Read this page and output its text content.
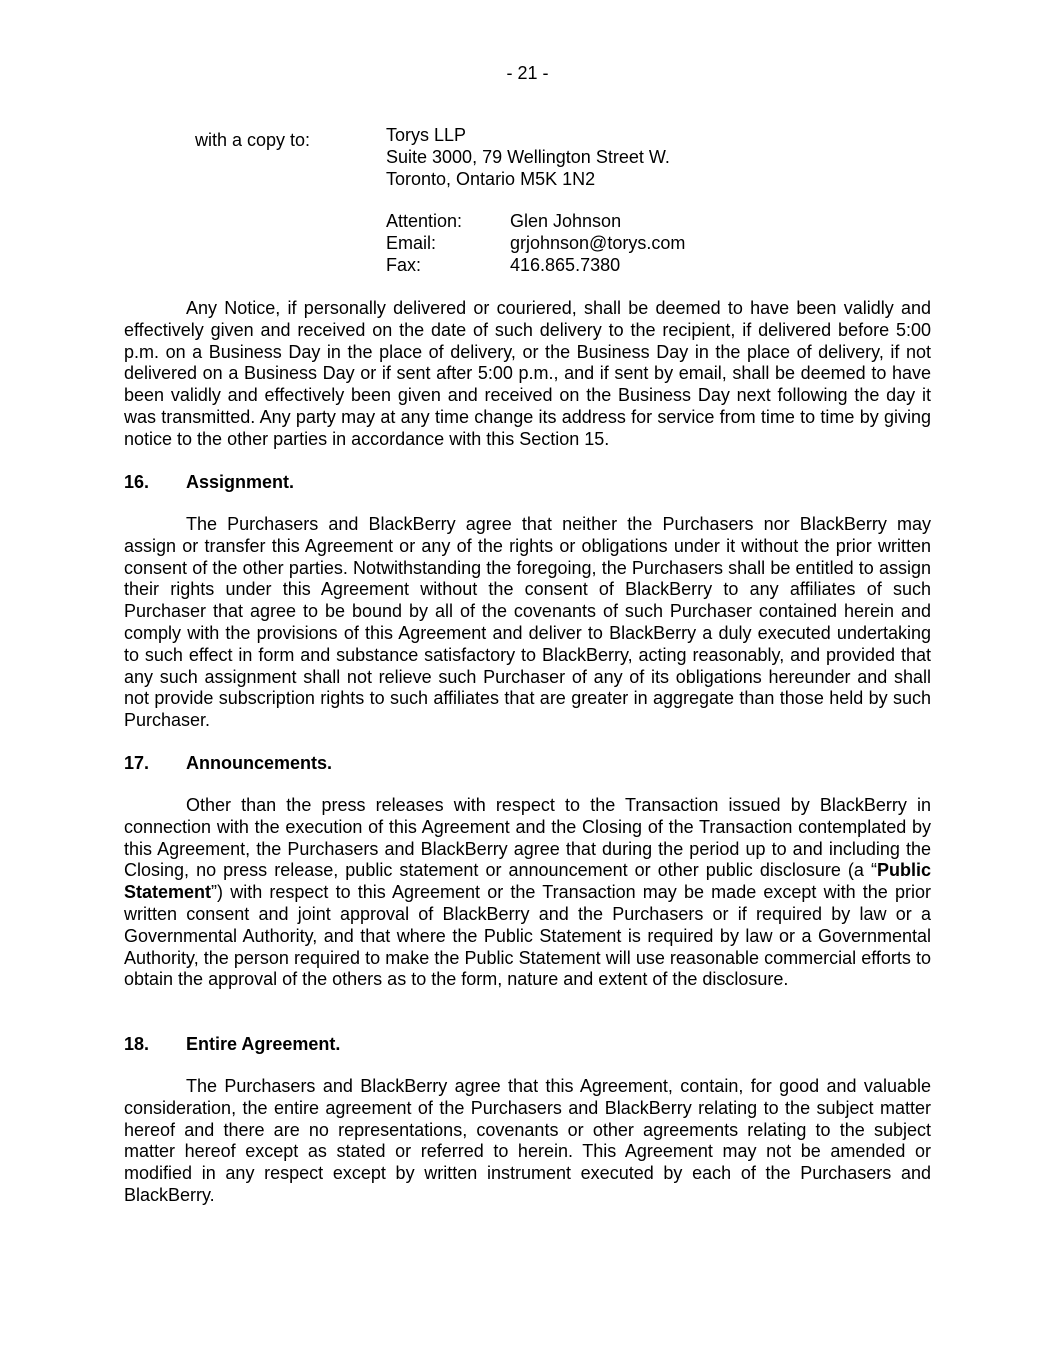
- 21 -
with a copy to:	Torys LLP
Suite 3000, 79 Wellington Street W.
Toronto, Ontario M5K 1N2
Attention:	Glen Johnson
Email:	grjohnson@torys.com
Fax:	416.865.7380

Any Notice, if personally delivered or couriered, shall be deemed to have been validly and effectively given and received on the date of such delivery to the recipient, if delivered before 5:00 p.m. on a Business Day in the place of delivery, or the Business Day in the place of delivery, if not delivered on a Business Day or if sent after 5:00 p.m., and if sent by email, shall be deemed to have been validly and effectively been given and received on the Business Day next following the day it was transmitted. Any party may at any time change its address for service from time to time by giving notice to the other parties in accordance with this Section 15.

16. Assignment.

The Purchasers and BlackBerry agree that neither the Purchasers nor BlackBerry may assign or transfer this Agreement or any of the rights or obligations under it without the prior written consent of the other parties. Notwithstanding the foregoing, the Purchasers shall be entitled to assign their rights under this Agreement without the consent of BlackBerry to any affiliates of such Purchaser that agree to be bound by all of the covenants of such Purchaser contained herein and comply with the provisions of this Agreement and deliver to BlackBerry a duly executed undertaking to such effect in form and substance satisfactory to BlackBerry, acting reasonably, and provided that any such assignment shall not relieve such Purchaser of any of its obligations hereunder and shall not provide subscription rights to such affiliates that are greater in aggregate than those held by such Purchaser.

17. Announcements.

Other than the press releases with respect to the Transaction issued by BlackBerry in connection with the execution of this Agreement and the Closing of the Transaction contemplated by this Agreement, the Purchasers and BlackBerry agree that during the period up to and including the Closing, no press release, public statement or announcement or other public disclosure (a “Public Statement”) with respect to this Agreement or the Transaction may be made except with the prior written consent and joint approval of BlackBerry and the Purchasers or if required by law or a Governmental Authority, and that where the Public Statement is required by law or a Governmental Authority, the person required to make the Public Statement will use reasonable commercial efforts to obtain the approval of the others as to the form, nature and extent of the disclosure.

18. Entire Agreement.

The Purchasers and BlackBerry agree that this Agreement, contain, for good and valuable consideration, the entire agreement of the Purchasers and BlackBerry relating to the subject matter hereof and there are no representations, covenants or other agreements relating to the subject matter hereof except as stated or referred to herein. This Agreement may not be amended or modified in any respect except by written instrument executed by each of the Purchasers and BlackBerry.
